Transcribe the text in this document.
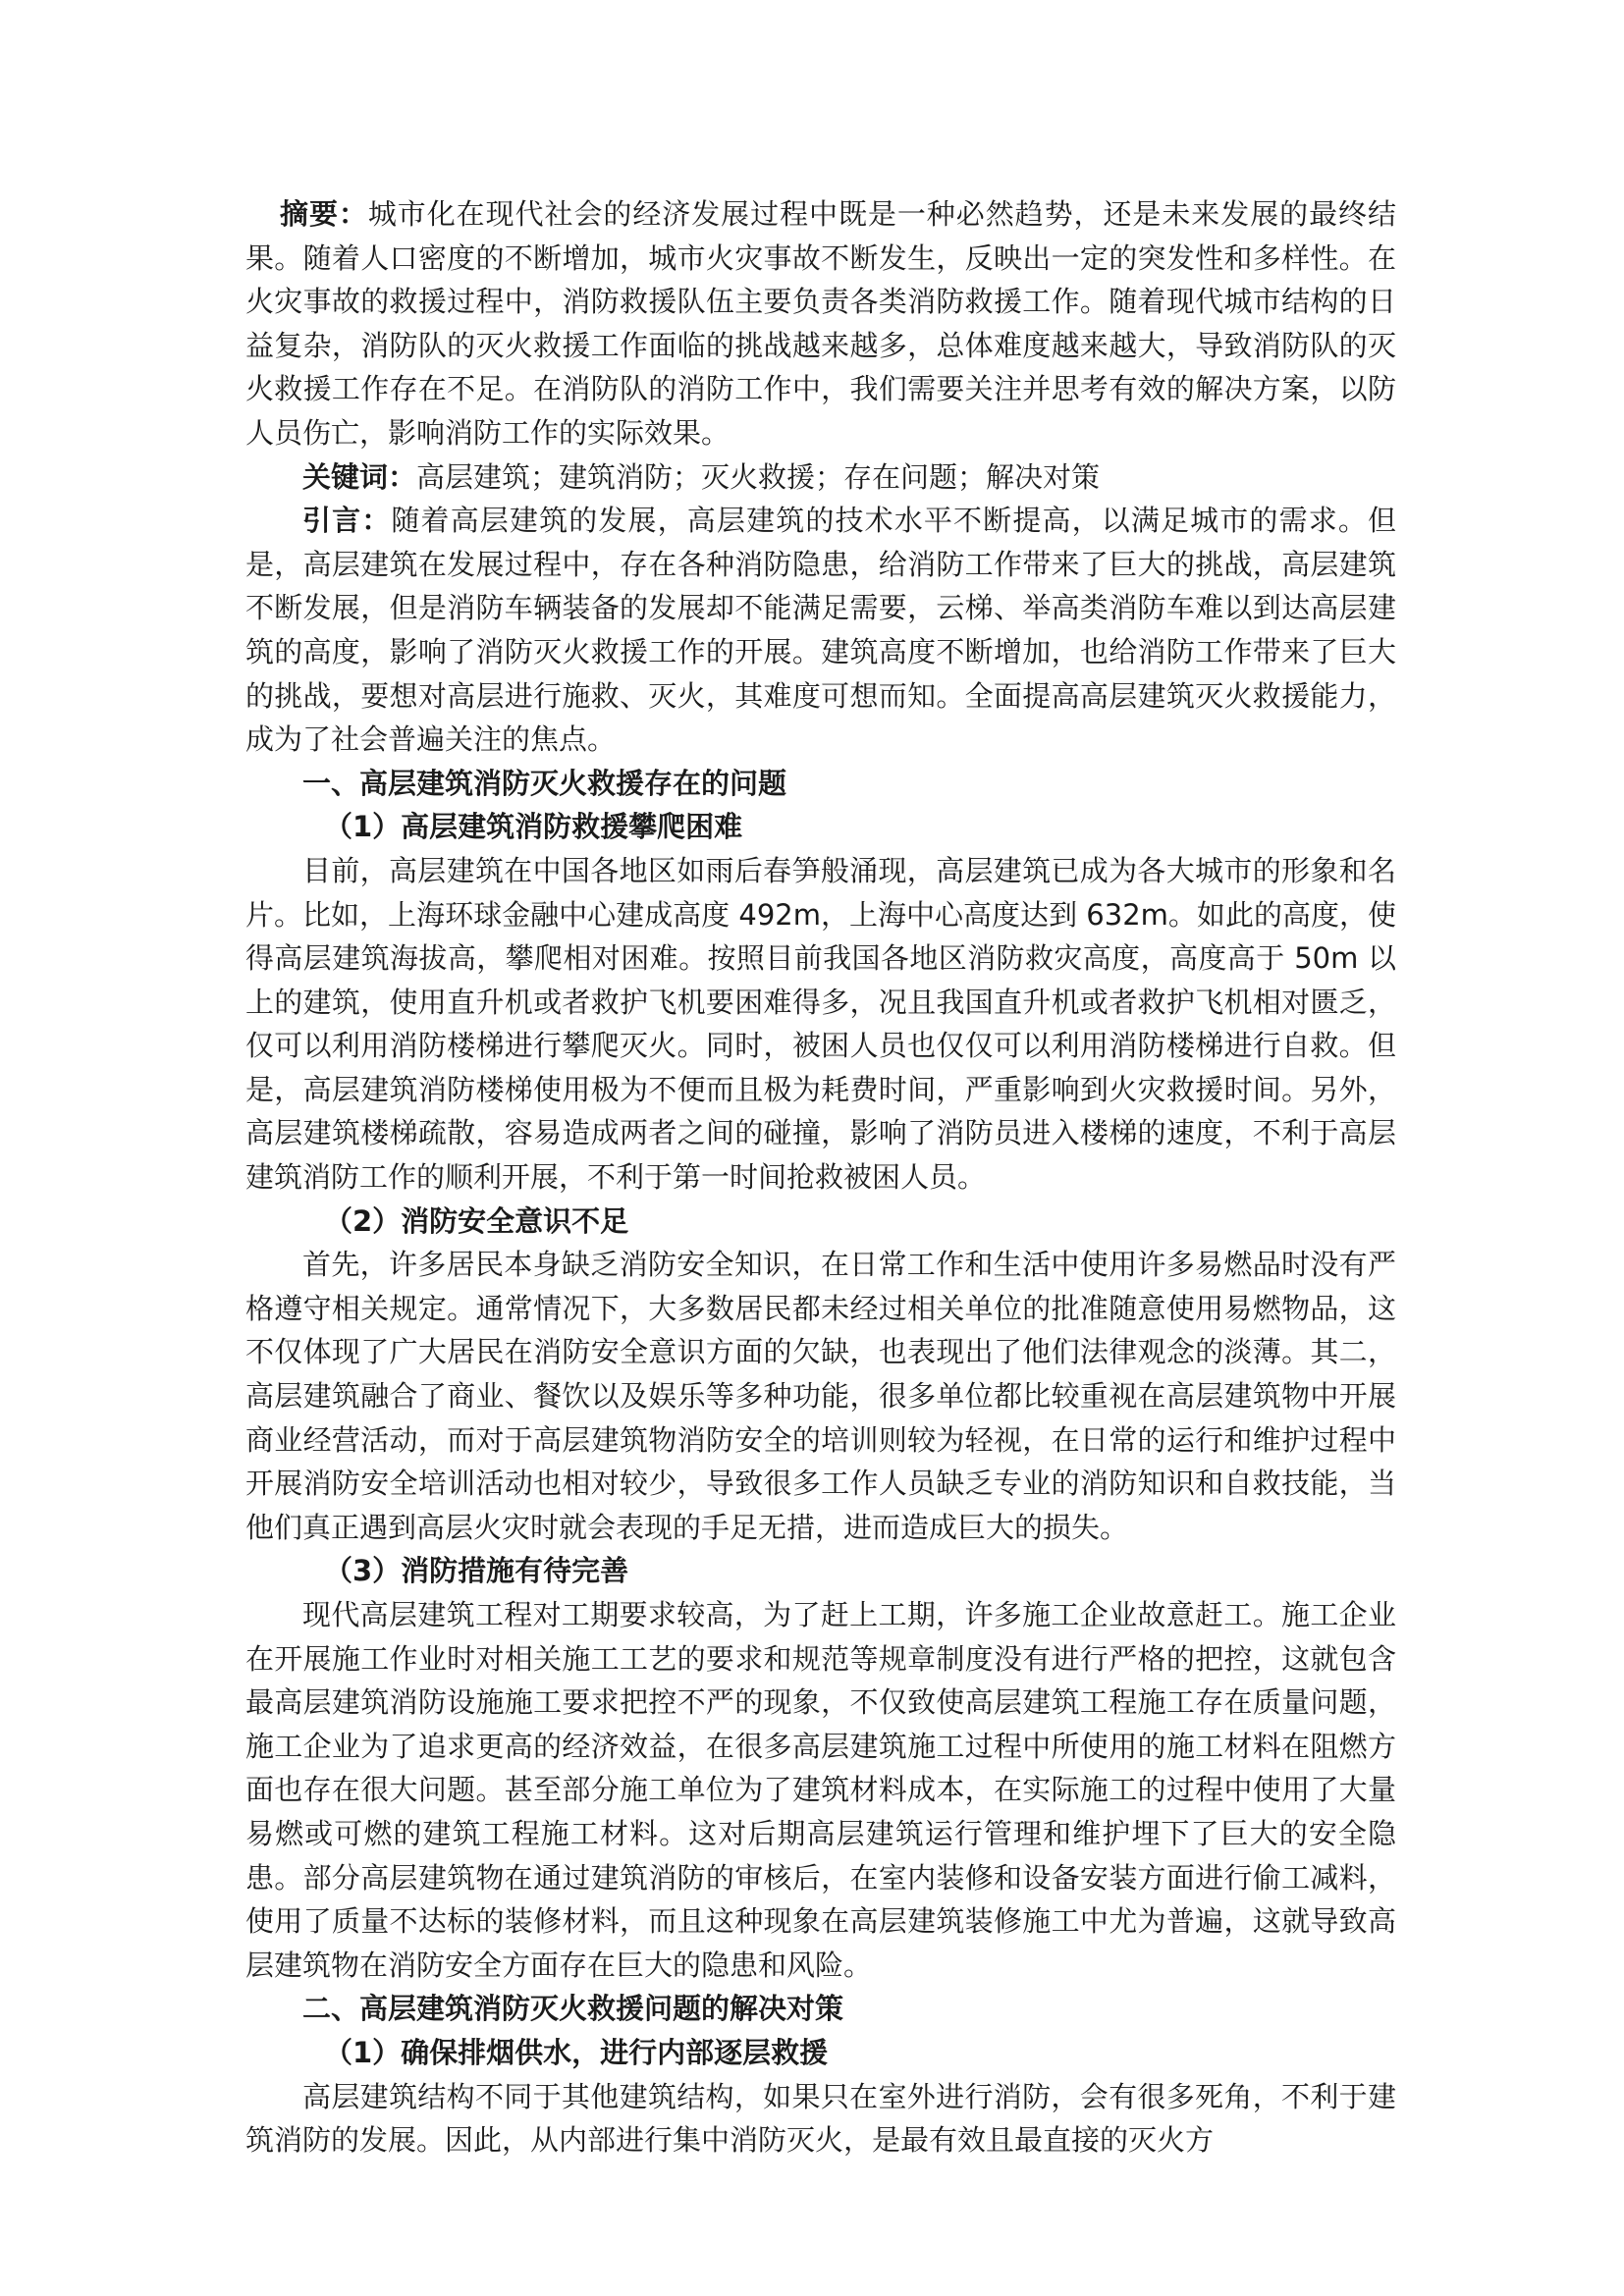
摘要：城市化在现代社会的经济发展过程中既是一种必然趋势，还是未来发展的最终结果。随着人口密度的不断增加，城市火灾事故不断发生，反映出一定的突发性和多样性。在火灾事故的救援过程中，消防救援队伍主要负责各类消防救援工作。随着现代城市结构的日益复杂，消防队的灭火救援工作面临的挑战越来越多，总体难度越来越大，导致消防队的灭火救援工作存在不足。在消防队的消防工作中，我们需要关注并思考有效的解决方案，以防人员伤亡，影响消防工作的实际效果。

关键词：高层建筑；建筑消防；灭火救援；存在问题；解决对策

引言：随着高层建筑的发展，高层建筑的技术水平不断提高，以满足城市的需求。但是，高层建筑在发展过程中，存在各种消防隐患，给消防工作带来了巨大的挑战，高层建筑不断发展，但是消防车辆装备的发展却不能满足需要，云梯、举高类消防车难以到达高层建筑的高度，影响了消防灭火救援工作的开展。建筑高度不断增加，也给消防工作带来了巨大的挑战，要想对高层进行施救、灭火，其难度可想而知。全面提高高层建筑灭火救援能力，成为了社会普遍关注的焦点。

一、高层建筑消防灭火救援存在的问题

（1）高层建筑消防救援攀爬困难

目前，高层建筑在中国各地区如雨后春笋般涌现，高层建筑已成为各大城市的形象和名片。比如，上海环球金融中心建成高度 492m，上海中心高度达到 632m。如此的高度，使得高层建筑海拔高，攀爬相对困难。按照目前我国各地区消防救灾高度，高度高于 50m 以上的建筑，使用直升机或者救护飞机要困难得多，况且我国直升机或者救护飞机相对匮乏，仅可以利用消防楼梯进行攀爬灭火。同时，被困人员也仅仅可以利用消防楼梯进行自救。但是，高层建筑消防楼梯使用极为不便而且极为耗费时间，严重影响到火灾救援时间。另外，高层建筑楼梯疏散，容易造成两者之间的碰撞，影响了消防员进入楼梯的速度，不利于高层建筑消防工作的顺利开展，不利于第一时间抢救被困人员。

（2）消防安全意识不足

首先，许多居民本身缺乏消防安全知识，在日常工作和生活中使用许多易燃品时没有严格遵守相关规定。通常情况下，大多数居民都未经过相关单位的批准随意使用易燃物品，这不仅体现了广大居民在消防安全意识方面的欠缺，也表现出了他们法律观念的淡薄。其二，高层建筑融合了商业、餐饮以及娱乐等多种功能，很多单位都比较重视在高层建筑物中开展商业经营活动，而对于高层建筑物消防安全的培训则较为轻视，在日常的运行和维护过程中开展消防安全培训活动也相对较少，导致很多工作人员缺乏专业的消防知识和自救技能，当他们真正遇到高层火灾时就会表现的手足无措，进而造成巨大的损失。

（3）消防措施有待完善

现代高层建筑工程对工期要求较高，为了赶上工期，许多施工企业故意赶工。施工企业在开展施工作业时对相关施工工艺的要求和规范等规章制度没有进行严格的把控，这就包含最高层建筑消防设施施工要求把控不严的现象，不仅致使高层建筑工程施工存在质量问题，施工企业为了追求更高的经济效益，在很多高层建筑施工过程中所使用的施工材料在阻燃方面也存在很大问题。甚至部分施工单位为了建筑材料成本，在实际施工的过程中使用了大量易燃或可燃的建筑工程施工材料。这对后期高层建筑运行管理和维护埋下了巨大的安全隐患。部分高层建筑物在通过建筑消防的审核后，在室内装修和设备安装方面进行偷工减料，使用了质量不达标的装修材料，而且这种现象在高层建筑装修施工中尤为普遍，这就导致高层建筑物在消防安全方面存在巨大的隐患和风险。

二、高层建筑消防灭火救援问题的解决对策

（1）确保排烟供水，进行内部逐层救援

高层建筑结构不同于其他建筑结构，如果只在室外进行消防，会有很多死角，不利于建筑消防的发展。因此，从内部进行集中消防灭火，是最有效且最直接的灭火方
